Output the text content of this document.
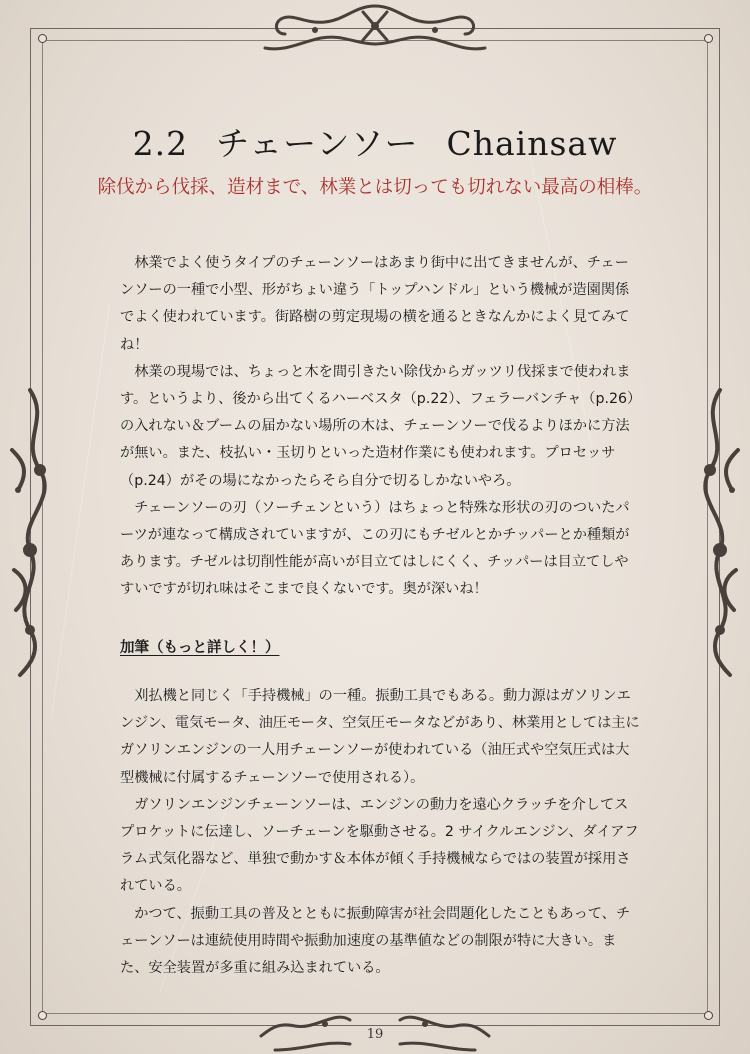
2.2 チェーンソー Chainsaw
除伐から伐採、造材まで、林業とは切っても切れない最高の相棒。

林業でよく使うタイプのチェーンソーはあまり街中に出てきませんが、チェーンソーの一種で小型、形がちょい違う「トップハンドル」という機械が造園関係でよく使われています。街路樹の剪定現場の横を通るときなんかによく見てみてね！

林業の現場では、ちょっと木を間引きたい除伐からガッツリ伐採まで使われます。というより、後から出てくるハーベスタ（p.22）、フェラーバンチャ（p.26）の入れない＆ブームの届かない場所の木は、チェーンソーで伐るよりほかに方法が無い。また、枝払い・玉切りといった造材作業にも使われます。プロセッサ（p.24）がその場になかったらそら自分で切るしかないやろ。

チェーンソーの刃（ソーチェンという）はちょっと特殊な形状の刃のついたパーツが連なって構成されていますが、この刃にもチゼルとかチッパーとか種類があります。チゼルは切削性能が高いが目立てはしにくく、チッパーは目立てしやすいですが切れ味はそこまで良くないです。奥が深いね！

加筆（もっと詳しく！）

刈払機と同じく「手持機械」の一種。振動工具でもある。動力源はガソリンエンジン、電気モータ、油圧モータ、空気圧モータなどがあり、林業用としては主にガソリンエンジンの一人用チェーンソーが使われている（油圧式や空気圧式は大型機械に付属するチェーンソーで使用される）。

ガソリンエンジンチェーンソーは、エンジンの動力を遠心クラッチを介してスプロケットに伝達し、ソーチェーンを駆動させる。2 サイクルエンジン、ダイアフラム式気化器など、単独で動かす＆本体が傾く手持機械ならではの装置が採用されている。

かつて、振動工具の普及とともに振動障害が社会問題化したこともあって、チェーンソーは連続使用時間や振動加速度の基準値などの制限が特に大きい。また、安全装置が多重に組み込まれている。

19
